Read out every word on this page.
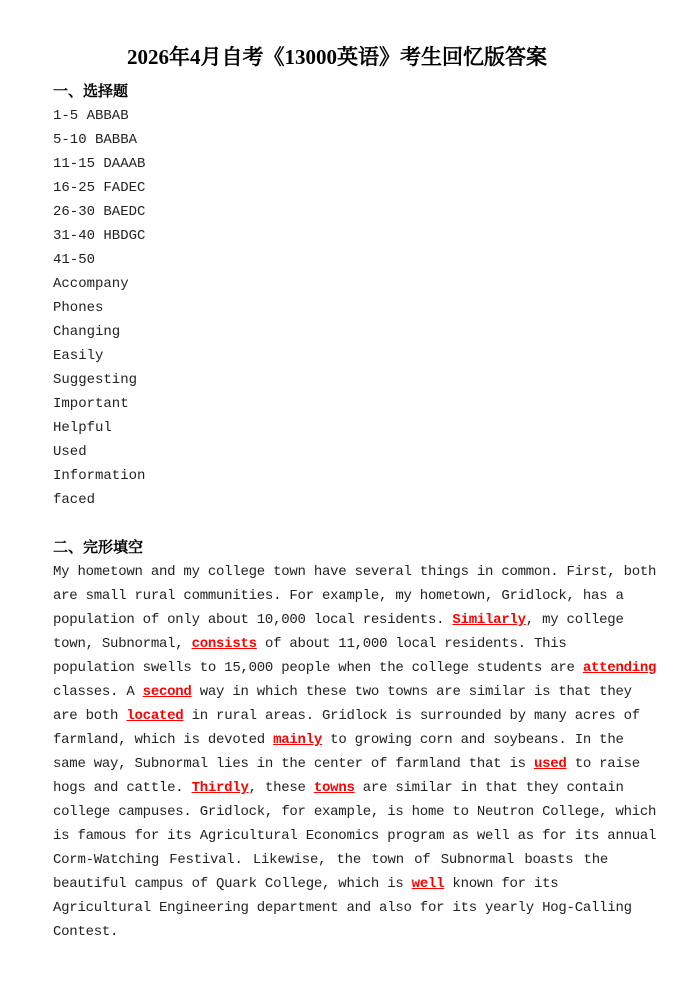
2026年4月自考《13000英语》考生回忆版答案
一、选择题
1-5 ABBAB
5-10 BABBA
11-15 DAAAB
16-25 FADEC
26-30 BAEDC
31-40 HBDGC
41-50
Accompany
Phones
Changing
Easily
Suggesting
Important
Helpful
Used
Information
faced
二、完形填空
My hometown and my college town have several things in common. First, both
are small rural communities. For example, my hometown, Gridlock, has a
population of only about 10,000 local residents. Similarly, my college
town, Subnormal, consists of about 11,000 local residents. This
population swells to 15,000 people when the college students are attending
classes. A second way in which these two towns are similar is that they
are both located in rural areas. Gridlock is surrounded by many acres of
farmland, which is devoted mainly to growing corn and soybeans. In the
same way, Subnormal lies in the center of farmland that is used to raise
hogs and cattle. Thirdly, these towns are similar in that they contain
college campuses. Gridlock, for example, is home to Neutron College, which
is famous for its Agricultural Economics program as well as for its annual
Corm-Watching Festival. Likewise, the town of Subnormal boasts the
beautiful campus of Quark College, which is well known for its
Agricultural Engineering department and also for its yearly Hog-Calling
Contest.
